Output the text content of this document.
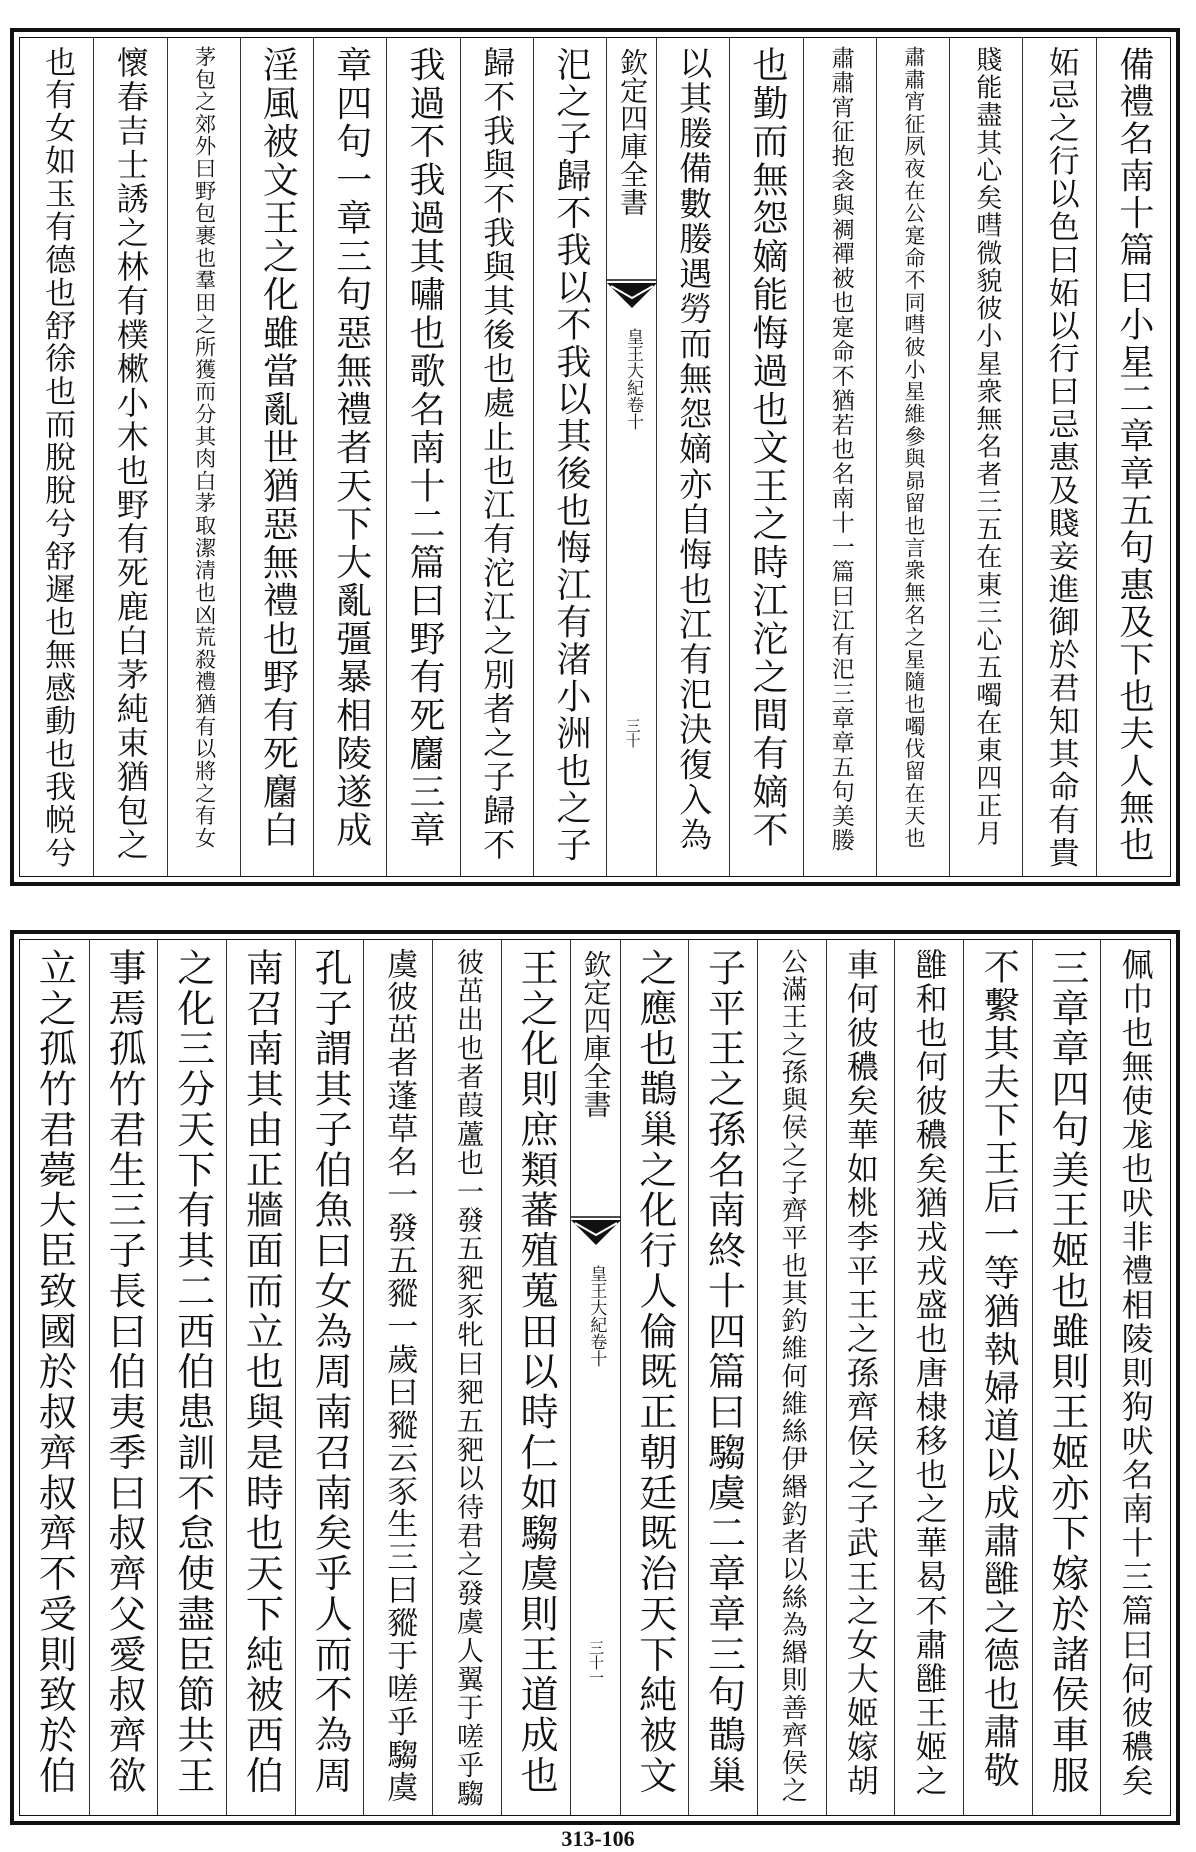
備禮名南十篇曰小星二章章五句惠及下也夫人無也
妬忌之行以色曰妬以行曰忌惠及賤妾進御於君知其命有貴
賤能盡其心矣嘒微貌彼小星衆無名者三五在東三心五噣在東四正月
肅肅宵征夙夜在公寔命不同嘒彼小星維參與昴留也言衆無名之星隨也噣伐留在天也
肅肅宵征抱衾與裯禪被也寔命不猶若也名南十一篇曰江有汜三章章五句美媵
也勤而無怨嫡能悔過也文王之時江沱之間有嫡不
以其媵備數媵遇勞而無怨嫡亦自悔也江有汜決復入為
欽定四庫全書
皇王大紀卷十
三十
汜之子歸不我以不我以其後也悔江有渚小洲也之子
歸不我與不我與其後也處止也江有沱江之別者之子歸不
我過不我過其嘯也歌名南十二篇曰野有死麕三章
章四句一章三句惡無禮者天下大亂彊暴相陵遂成
淫風被文王之化雖當亂世猶惡無禮也野有死麕白
茅包之郊外曰野包裹也羣田之所獲而分其肉白茅取潔清也凶荒殺禮猶有以將之有女
懷春吉士誘之林有樸樕小木也野有死鹿白茅純束猶包之
也有女如玉有德也舒徐也而脫脫兮舒遲也無感動也我帨兮
佩巾也無使尨也吠非禮相陵則狗吠名南十三篇曰何彼穠矣
三章章四句美王姬也雖則王姬亦下嫁於諸侯車服
不繫其夫下王后一等猶執婦道以成肅雝之德也肅敬
雝和也何彼穠矣猶戎戎盛也唐棣移也之華曷不肅雝王姬之
車何彼穠矣華如桃李平王之孫齊侯之子武王之女大姬嫁胡
公滿王之孫與侯之子齊平也其釣維何維絲伊緡釣者以絲為緡則善齊侯之
子平王之孫名南終十四篇曰騶虞二章章三句鵲巢
之應也鵲巢之化行人倫既正朝廷既治天下純被文
欽定四庫全書
皇王大紀卷十
三十一
王之化則庶類蕃殖蒐田以時仁如騶虞則王道成也
彼茁出也者葭蘆也一發五豝豕牝曰豝五豝以待君之發虞人翼于嗟乎騶
虞彼茁者蓬草名一發五豵一歲曰豵云豕生三曰豵于嗟乎騶虞
孔子謂其子伯魚曰女為周南召南矣乎人而不為周
南召南其由正牆面而立也與是時也天下純被西伯
之化三分天下有其二西伯患訓不怠使盡臣節共王
事焉孤竹君生三子長曰伯夷季曰叔齊父愛叔齊欲
立之孤竹君薨大臣致國於叔齊叔齊不受則致於伯
313-106
